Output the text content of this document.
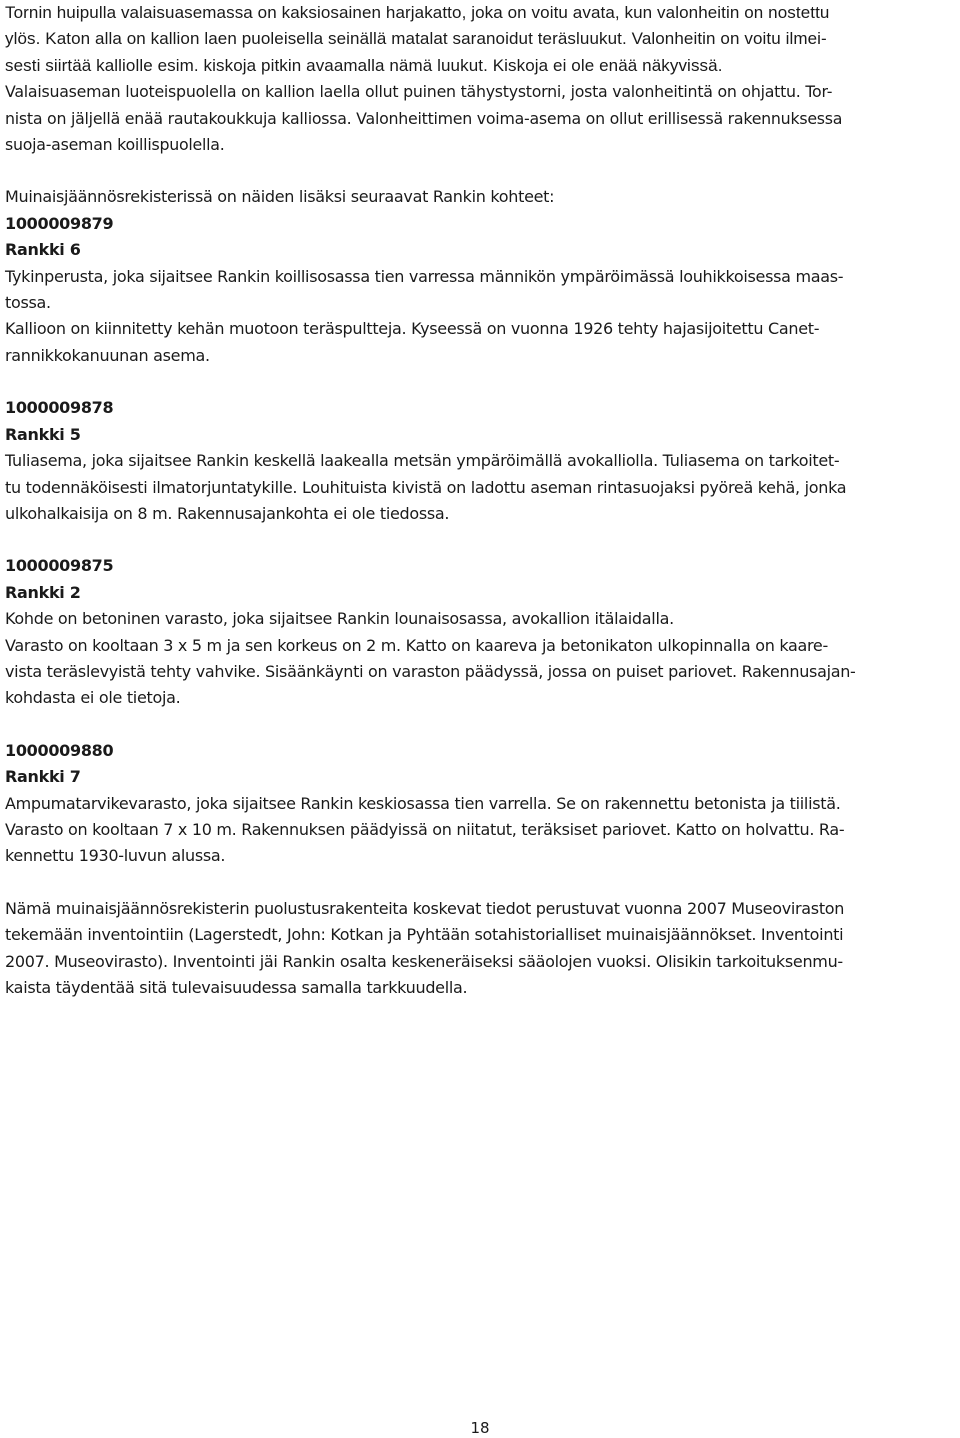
Tornin huipulla valaisuasemassa on kaksiosainen harjakatto, joka on voitu avata, kun valonheitin on nostettu
ylös. Katon alla on kallion laen puoleisella seinällä matalat saranoidut teräsluukut. Valonheitin on voitu ilmei-
sesti siirtää kalliolle esim. kiskoja pitkin avaamalla nämä luukut. Kiskoja ei ole enää näkyvissä.
Valaisuaseman luoteispuolella on kallion laella ollut puinen tähystystorni, josta valonheitintä on ohjattu. Tor-
nista on jäljellä enää rautakoukkuja kalliossa. Valonheittimen voima-asema on ollut erillisessä rakennuksessa
suoja-aseman koillispuolella.
Muinaisjäännösrekisterissä on näiden lisäksi seuraavat Rankin kohteet:
1000009879
Rankki 6
Tykinperusta, joka sijaitsee Rankin koillisosassa tien varressa männikön ympäröimässä louhikkoisessa maas-
tossa.
Kallioon on kiinnitetty kehän muotoon teräspultteja. Kyseessä on vuonna 1926 tehty hajasijoitettu Canet-
rannikkokanuunan asema.
1000009878
Rankki 5
Tuliasema, joka sijaitsee Rankin keskellä laakealla metsän ympäröimällä avokalliolla. Tuliasema on tarkoitet-
tu todennäköisesti ilmatorjuntatykille. Louhituista kivistä on ladottu aseman rintasuojaksi pyöreä kehä, jonka
ulkohalkaisija on 8 m. Rakennusajankohta ei ole tiedossa.
1000009875
Rankki 2
Kohde on betoninen varasto, joka sijaitsee Rankin lounaisosassa, avokallion itälaidalla.
Varasto on kooltaan 3 x 5 m ja sen korkeus on 2 m. Katto on kaareva ja betonikaton ulkopinnalla on kaare-
vista teräslevyistä tehty vahvike. Sisäänkäynti on varaston päädyssä, jossa on puiset pariovet. Rakennusajan-
kohdasta ei ole tietoja.
1000009880
Rankki 7
Ampumatarvikevarasto, joka sijaitsee Rankin keskiosassa tien varrella. Se on rakennettu betonista ja tiilistä.
Varasto on kooltaan 7 x 10 m. Rakennuksen päädyissä on niitatut, teräksiset pariovet. Katto on holvattu. Ra-
kennettu 1930-luvun alussa.
Nämä muinaisjäännösrekisterin puolustusrakenteita koskevat tiedot perustuvat vuonna 2007 Museoviraston
tekemään inventointiin (Lagerstedt, John: Kotkan ja Pyhtään sotahistorialliset muinaisjäännökset. Inventointi
2007. Museovirasto). Inventointi jäi Rankin osalta keskeneräiseksi sääolojen vuoksi. Olisikin tarkoituksenmu-
kaista täydentää sitä tulevaisuudessa samalla tarkkuudella.
18
